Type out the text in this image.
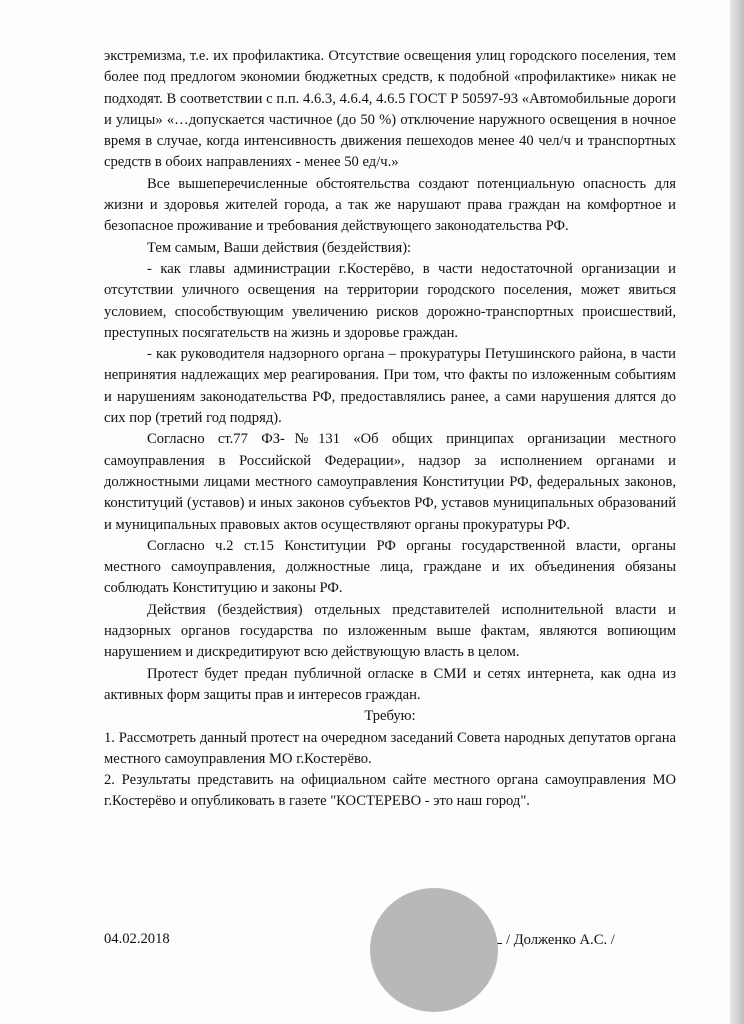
экстремизма, т.е. их профилактика. Отсутствие освещения улиц городского поселения, тем более под предлогом экономии бюджетных средств, к подобной «профилактике» никак не подходят. В соответствии с п.п. 4.6.3, 4.6.4, 4.6.5 ГОСТ Р 50597-93 «Автомобильные дороги и улицы» «…допускается частичное (до 50 %) отключение наружного освещения в ночное время в случае, когда интенсивность движения пешеходов менее 40 чел/ч и транспортных средств в обоих направлениях - менее 50 ед/ч.»

Все вышеперечисленные обстоятельства создают потенциальную опасность для жизни и здоровья жителей города, а так же нарушают права граждан на комфортное и безопасное проживание и требования действующего законодательства РФ.

Тем самым, Ваши действия (бездействия):

- как главы администрации г.Костерёво, в части недостаточной организации и отсутствии уличного освещения на территории городского поселения, может явиться условием, способствующим увеличению рисков дорожно-транспортных происшествий, преступных посягательств на жизнь и здоровье граждан.

- как руководителя надзорного органа – прокуратуры Петушинского района, в части непринятия надлежащих мер реагирования. При том, что факты по изложенным событиям и нарушениям законодательства РФ, предоставлялись ранее, а сами нарушения длятся до сих пор (третий год подряд).

Согласно ст.77 ФЗ-№131 «Об общих принципах организации местного самоуправления в Российской Федерации», надзор за исполнением органами и должностными лицами местного самоуправления Конституции РФ, федеральных законов, конституций (уставов) и иных законов субъектов РФ, уставов муниципальных образований и муниципальных правовых актов осуществляют органы прокуратуры РФ.

Согласно ч.2 ст.15 Конституции РФ органы государственной власти, органы местного самоуправления, должностные лица, граждане и их объединения обязаны соблюдать Конституцию и законы РФ.

Действия (бездействия) отдельных представителей исполнительной власти и надзорных органов государства по изложенным выше фактам, являются вопиющим нарушением и дискредитируют всю действующую власть в целом.

Протест будет предан публичной огласке в СМИ и сетях интернета, как одна из активных форм защиты прав и интересов граждан.

Требую:

1. Рассмотреть данный протест на очередном заседаний Совета народных депутатов органа местного самоуправления МО г.Костерёво.

2. Результаты представить на официальном сайте местного органа самоуправления МО г.Костерёво и опубликовать в газете "КОСТЕРЕВО - это наш город".

04.02.2018	/ Долженко А.С. /
